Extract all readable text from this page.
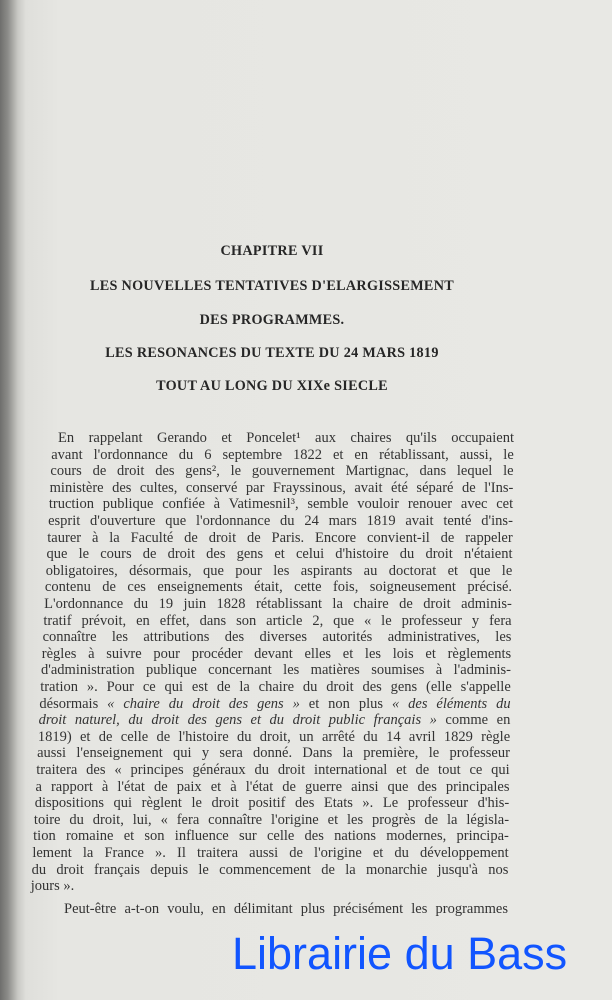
CHAPITRE VII
LES NOUVELLES TENTATIVES D'ELARGISSEMENT
DES PROGRAMMES.
LES RESONANCES DU TEXTE DU 24 MARS 1819
TOUT AU LONG DU XIXe SIECLE
En rappelant Gerando et Poncelet¹ aux chaires qu'ils occupaient
avant l'ordonnance du 6 septembre 1822 et en rétablissant, aussi, le
cours de droit des gens², le gouvernement Martignac, dans lequel le
ministère des cultes, conservé par Frayssinous, avait été séparé de l'Ins-
truction publique confiée à Vatimesnil³, semble vouloir renouer avec cet
esprit d'ouverture que l'ordonnance du 24 mars 1819 avait tenté d'ins-
taurer à la Faculté de droit de Paris. Encore convient-il de rappeler
que le cours de droit des gens et celui d'histoire du droit n'étaient
obligatoires, désormais, que pour les aspirants au doctorat et que le
contenu de ces enseignements était, cette fois, soigneusement précisé.
L'ordonnance du 19 juin 1828 rétablissant la chaire de droit adminis-
tratif prévoit, en effet, dans son article 2, que « le professeur y fera
connaître les attributions des diverses autorités administratives, les
règles à suivre pour procéder devant elles et les lois et règlements
d'administration publique concernant les matières soumises à l'adminis-
tration ». Pour ce qui est de la chaire du droit des gens (elle s'appelle
désormais « chaire du droit des gens » et non plus « des éléments du
droit naturel, du droit des gens et du droit public français » comme en
1819) et de celle de l'histoire du droit, un arrêté du 14 avril 1829 règle
aussi l'enseignement qui y sera donné. Dans la première, le professeur
traitera des « principes généraux du droit international et de tout ce qui
a rapport à l'état de paix et à l'état de guerre ainsi que des principales
dispositions qui règlent le droit positif des Etats ». Le professeur d'his-
toire du droit, lui, « fera connaître l'origine et les progrès de la législa-
tion romaine et son influence sur celle des nations modernes, principa-
lement la France ». Il traitera aussi de l'origine et du développement
du droit français depuis le commencement de la monarchie jusqu'à nos
jours ».
Peut-être a-t-on voulu, en délimitant plus précisément les programmes
Librairie du Bass
